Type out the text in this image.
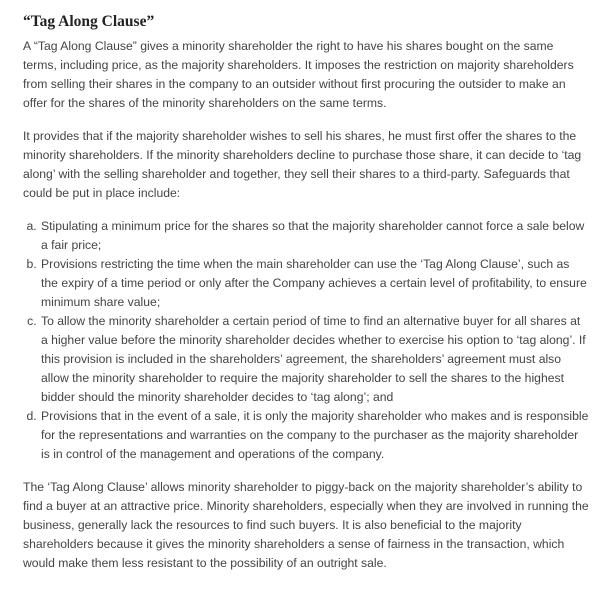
“Tag Along Clause”

A “Tag Along Clause” gives a minority shareholder the right to have his shares bought on the same terms, including price, as the majority shareholders. It imposes the restriction on majority shareholders from selling their shares in the company to an outsider without first procuring the outsider to make an offer for the shares of the minority shareholders on the same terms.

It provides that if the majority shareholder wishes to sell his shares, he must first offer the shares to the minority shareholders. If the minority shareholders decline to purchase those share, it can decide to ‘tag along’ with the selling shareholder and together, they sell their shares to a third-party. Safeguards that could be put in place include:

a. Stipulating a minimum price for the shares so that the majority shareholder cannot force a sale below a fair price;
b. Provisions restricting the time when the main shareholder can use the ‘Tag Along Clause’, such as the expiry of a time period or only after the Company achieves a certain level of profitability, to ensure minimum share value;
c. To allow the minority shareholder a certain period of time to find an alternative buyer for all shares at a higher value before the minority shareholder decides whether to exercise his option to ‘tag along’. If this provision is included in the shareholders’ agreement, the shareholders’ agreement must also allow the minority shareholder to require the majority shareholder to sell the shares to the highest bidder should the minority shareholder decides to ‘tag along’; and
d. Provisions that in the event of a sale, it is only the majority shareholder who makes and is responsible for the representations and warranties on the company to the purchaser as the majority shareholder is in control of the management and operations of the company.

The ‘Tag Along Clause’ allows minority shareholder to piggy-back on the majority shareholder’s ability to find a buyer at an attractive price. Minority shareholders, especially when they are involved in running the business, generally lack the resources to find such buyers. It is also beneficial to the majority shareholders because it gives the minority shareholders a sense of fairness in the transaction, which would make them less resistant to the possibility of an outright sale.
